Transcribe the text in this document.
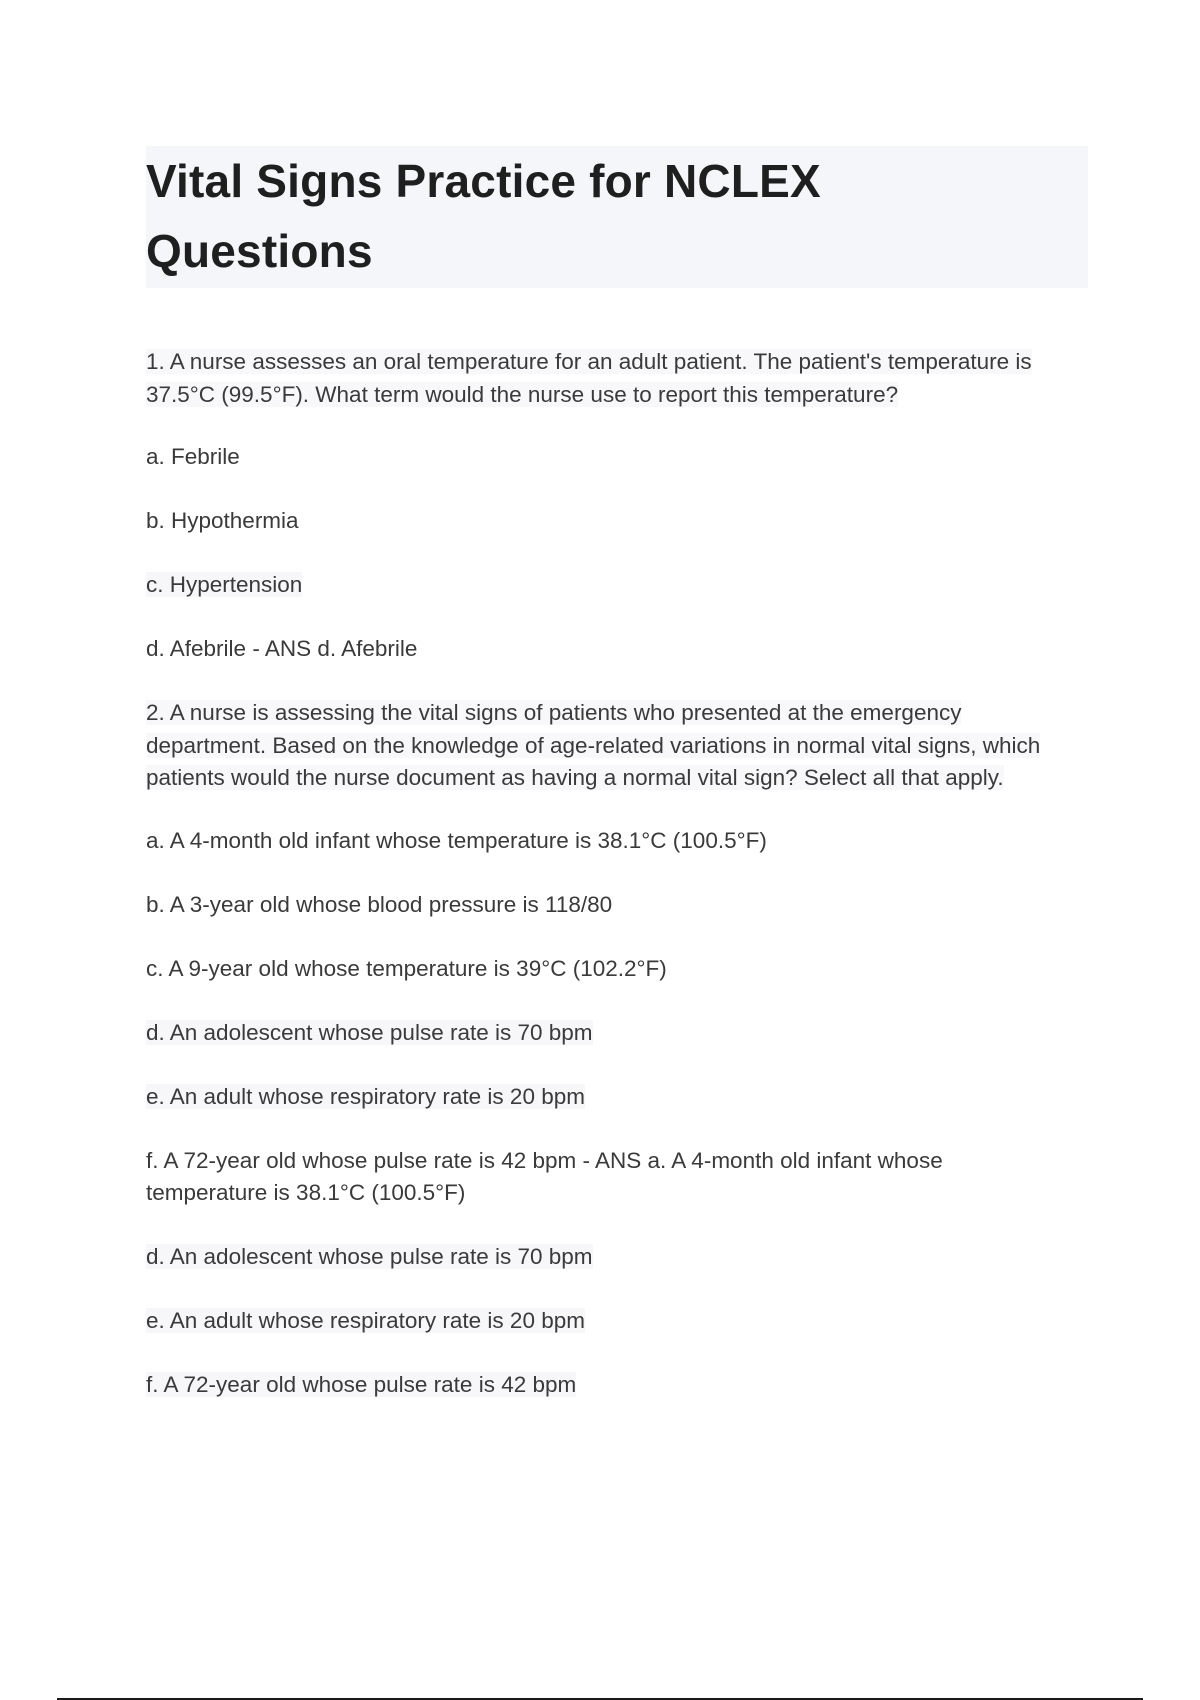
Vital Signs Practice for NCLEX
Questions

1. A nurse assesses an oral temperature for an adult patient. The patient's temperature is 37.5°C (99.5°F). What term would the nurse use to report this temperature?

a. Febrile

b. Hypothermia

c. Hypertension

d. Afebrile - ANS d. Afebrile

2. A nurse is assessing the vital signs of patients who presented at the emergency department. Based on the knowledge of age-related variations in normal vital signs, which patients would the nurse document as having a normal vital sign? Select all that apply.

a. A 4-month old infant whose temperature is 38.1°C (100.5°F)

b. A 3-year old whose blood pressure is 118/80

c. A 9-year old whose temperature is 39°C (102.2°F)

d. An adolescent whose pulse rate is 70 bpm

e. An adult whose respiratory rate is 20 bpm

f. A 72-year old whose pulse rate is 42 bpm - ANS a. A 4-month old infant whose temperature is 38.1°C (100.5°F)

d. An adolescent whose pulse rate is 70 bpm

e. An adult whose respiratory rate is 20 bpm

f. A 72-year old whose pulse rate is 42 bpm
